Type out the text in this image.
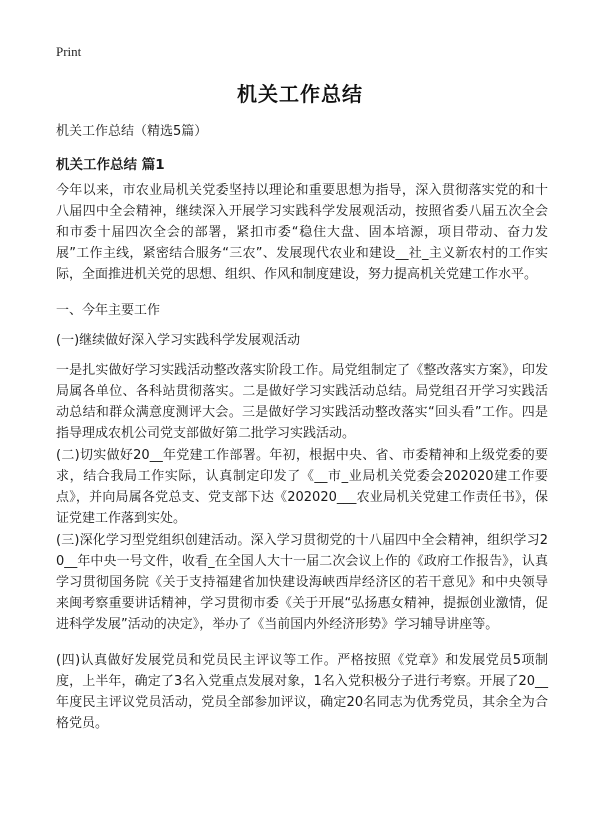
Print
机关工作总结
机关工作总结（精选5篇）
机关工作总结 篇1

今年以来，市农业局机关党委坚持以理论和重要思想为指导，深入贯彻落实党的和十八届四中全会精神，继续深入开展学习实践科学发展观活动，按照省委八届五次全会和市委十届四次全会的部署，紧扣市委“稳住大盘、固本培源，项目带动、奋力发展”工作主线，紧密结合服务“三农”、发展现代农业和建设__社_主义新农村的工作实际，全面推进机关党的思想、组织、作风和制度建设，努力提高机关党建工作水平。

一、今年主要工作

(一)继续做好深入学习实践科学发展观活动

一是扎实做好学习实践活动整改落实阶段工作。局党组制定了《整改落实方案》，印发局属各单位、各科站贯彻落实。二是做好学习实践活动总结。局党组召开学习实践活动总结和群众满意度测评大会。三是做好学习实践活动整改落实“回头看”工作。四是指导理成农机公司党支部做好第二批学习实践活动。

(二)切实做好20__年党建工作部署。年初，根据中央、省、市委精神和上级党委的要求，结合我局工作实际，认真制定印发了《__市_业局机关党委会202020建工作要点》，并向局属各党总支、党支部下达《202020___农业局机关党建工作责任书》，保证党建工作落到实处。

(三)深化学习型党组织创建活动。深入学习贯彻党的十八届四中全会精神，组织学习20__年中央一号文件，收看_在全国人大十一届二次会议上作的《政府工作报告》，认真学习贯彻国务院《关于支持福建省加快建设海峡西岸经济区的若干意见》和中央领导来闽考察重要讲话精神，学习贯彻市委《关于开展“弘扬惠女精神，提振创业激情，促进科学发展”活动的决定》，举办了《当前国内外经济形势》学习辅导讲座等。

(四)认真做好发展党员和党员民主评议等工作。严格按照《党章》和发展党员5项制度，上半年，确定了3名入党重点发展对象，1名入党积极分子进行考察。开展了20__年度民主评议党员活动，党员全部参加评议，确定20名同志为优秀党员，其余全为合格党员。
